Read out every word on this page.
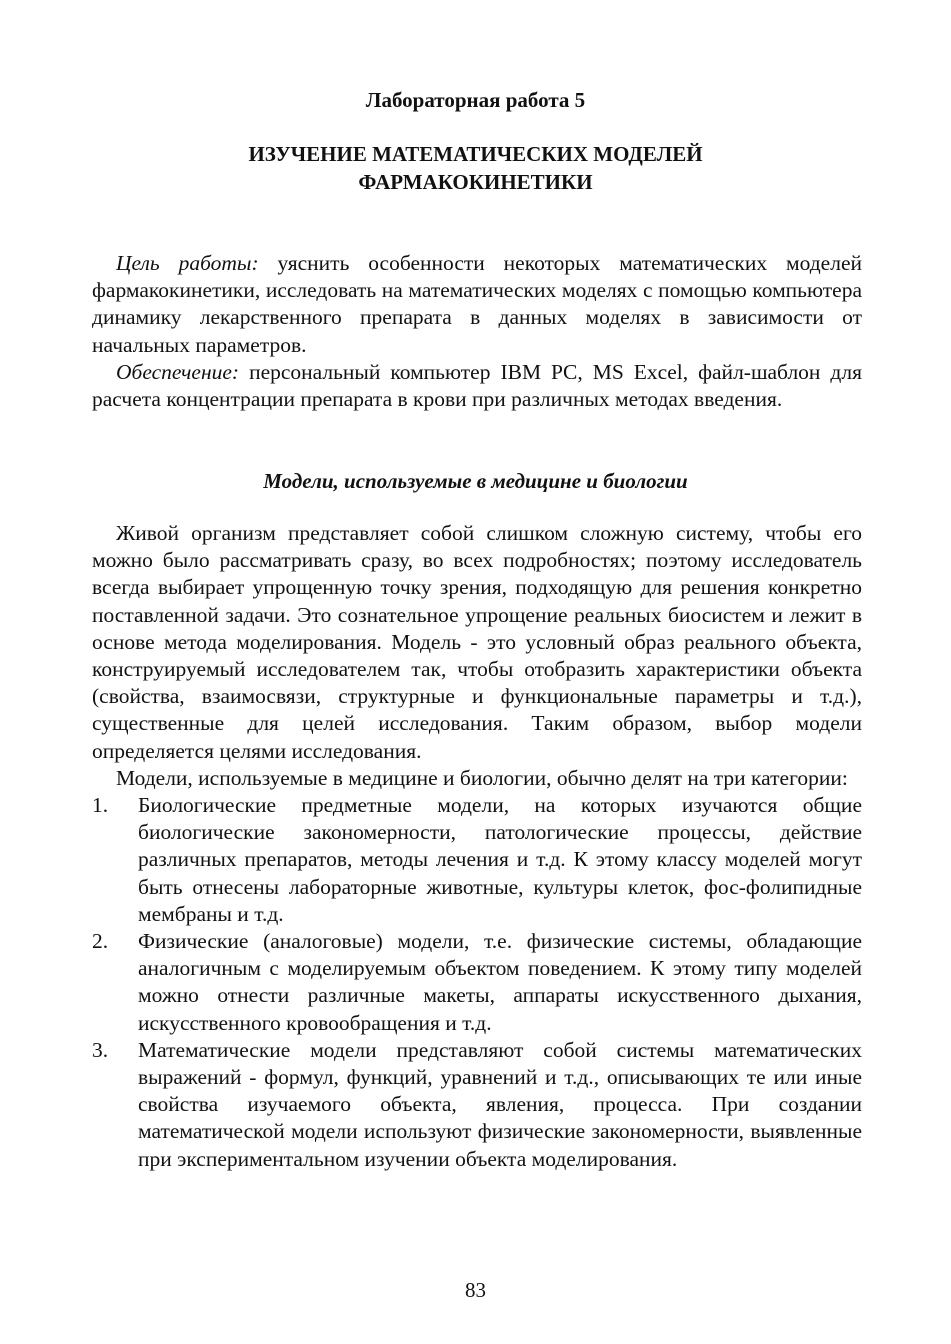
Лабораторная работа 5
ИЗУЧЕНИЕ МАТЕМАТИЧЕСКИХ МОДЕЛЕЙ
ФАРМАКОКИНЕТИКИ

Цель работы: уяснить особенности некоторых математических моделей фармакокинетики, исследовать на математических моделях с помощью компьютера динамику лекарственного препарата в данных моделях в зависимости от начальных параметров.

Обеспечение: персональный компьютер IBM PC, MS Excel, файл-шаблон для расчета концентрации препарата в крови при различных методах введения.

Модели, используемые в медицине и биологии

Живой организм представляет собой слишком сложную систему, чтобы его можно было рассматривать сразу, во всех подробностях; поэтому исследователь всегда выбирает упрощенную точку зрения, подходящую для решения конкретно поставленной задачи. Это сознательное упрощение реальных биосистем и лежит в основе метода моделирования. Модель - это условный образ реального объекта, конструируемый исследователем так, чтобы отобразить характеристики объекта (свойства, взаимосвязи, структурные и функциональные параметры и т.д.), существенные для целей исследования. Таким образом, выбор модели определяется целями исследования.

Модели, используемые в медицине и биологии, обычно делят на три категории:

1. Биологические предметные модели, на которых изучаются общие биологические закономерности, патологические процессы, действие различных препаратов, методы лечения и т.д. К этому классу моделей могут быть отнесены лабораторные животные, культуры клеток, фос-фолипидные мембраны и т.д.
2. Физические (аналоговые) модели, т.е. физические системы, обладающие аналогичным с моделируемым объектом поведением. К этому типу моделей можно отнести различные макеты, аппараты искусственного дыхания, искусственного кровообращения и т.д.
3. Математические модели представляют собой системы математических выражений - формул, функций, уравнений и т.д., описывающих те или иные свойства изучаемого объекта, явления, процесса. При создании математической модели используют физические закономерности, выявленные при экспериментальном изучении объекта моделирования.
83
